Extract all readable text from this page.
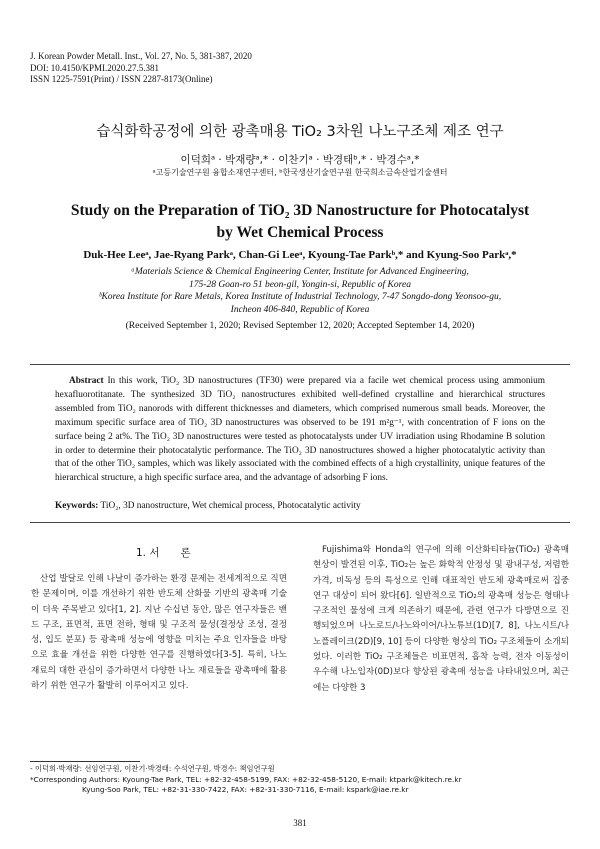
J. Korean Powder Metall. Inst., Vol. 27, No. 5, 381-387, 2020
DOI: 10.4150/KPMI.2020.27.5.381
ISSN 1225-7591(Print) / ISSN 2287-8173(Online)
습식화학공정에 의한 광촉매용 TiO₂ 3차원 나노구조체 제조 연구
이덕희ᵃ · 박재량ᵃ,* · 이찬기ᵃ · 박경태ᵇ,* · 박경수ᵃ,*
ᵃ고등기술연구원 융합소재연구센터, ᵇ한국생산기술연구원 한국희소금속산업기술센터
Study on the Preparation of TiO₂ 3D Nanostructure for Photocatalyst
by Wet Chemical Process
Duk-Hee Leeᵃ, Jae-Ryang Parkᵃ, Chan-Gi Leeᵃ, Kyoung-Tae Parkᵇ,* and Kyung-Soo Parkᵃ,*
ᵃMaterials Science & Chemical Engineering Center, Institute for Advanced Engineering,
175-28 Goan-ro 51 beon-gil, Yongin-si, Republic of Korea
ᵇKorea Institute for Rare Metals, Korea Institute of Industrial Technology, 7-47 Songdo-dong Yeonsoo-gu,
Incheon 406-840, Republic of Korea
(Received September 1, 2020; Revised September 12, 2020; Accepted September 14, 2020)
Abstract In this work, TiO₂ 3D nanostructures (TF30) were prepared via a facile wet chemical process using ammonium hexafluorotitanate. The synthesized 3D TiO₂ nanostructures exhibited well-defined crystalline and hierarchical structures assembled from TiO₂ nanorods with different thicknesses and diameters, which comprised numerous small beads. Moreover, the maximum specific surface area of TiO₂ 3D nanostructures was observed to be 191 m²g⁻¹, with concentration of F ions on the surface being 2 at%. The TiO₂ 3D nanostructures were tested as photocatalysts under UV irradiation using Rhodamine B solution in order to determine their photocatalytic performance. The TiO₂ 3D nanostructures showed a higher photocatalytic activity than that of the other TiO₂ samples, which was likely associated with the combined effects of a high crystallinity, unique features of the hierarchical structure, a high specific surface area, and the advantage of adsorbing F ions.
Keywords: TiO₂, 3D nanostructure, Wet chemical process, Photocatalytic activity
1. 서　　론
산업 발달로 인해 나날이 증가하는 환경 문제는 전세계적으로 직면한 문제이며, 이를 개선하기 위한 반도체 산화물 기반의 광촉매 기술이 더욱 주목받고 있다[1, 2]. 지난 수십년 동안, 많은 연구자들은 밴드 구조, 표면적, 표면 전하, 형태 및 구조적 물성(결정상 조성, 결정성, 입도 분포) 등 광촉매 성능에 영향을 미치는 주요 인자들을 바탕으로 효율 개선을 위한 다양한 연구를 진행하였다[3-5]. 특히, 나노 재료의 대한 관심이 증가하면서 다양한 나노 재료들을 광촉매에 활용하기 위한 연구가 활발히 이루어지고 있다.
Fujishima와 Honda의 연구에 의해 이산화티타늄(TiO₂) 광촉매 현상이 발견된 이후, TiO₂는 높은 화학적 안정성 및 광내구성, 저렴한 가격, 비독성 등의 특성으로 인해 대표적인 반도체 광촉매로써 집중 연구 대상이 되어 왔다[6]. 일반적으로 TiO₂의 광촉매 성능은 형태나 구조적인 물성에 크게 의존하기 때문에, 관련 연구가 다방면으로 진행되었으며 나노로드/나노와이어/나노튜브(1D)[7, 8], 나노시트/나노플레이크(2D)[9, 10] 등이 다양한 형상의 TiO₂ 구조체들이 소개되었다. 이러한 TiO₂ 구조체들은 비표면적, 흡착 능력, 전자 이동성이 우수해 나노입자(0D)보다 향상된 광촉매 성능을 나타내었으며, 최근에는 다양한 3
- 이덕희·박재량: 선임연구원, 이찬기·박경태: 수석연구원, 박경수: 책임연구원
*Corresponding Authors: Kyoung-Tae Park, TEL: +82-32-458-5199, FAX: +82-32-458-5120, E-mail: ktpark@kitech.re.kr
Kyung-Soo Park, TEL: +82-31-330-7422, FAX: +82-31-330-7116, E-mail: kspark@iae.re.kr
381
